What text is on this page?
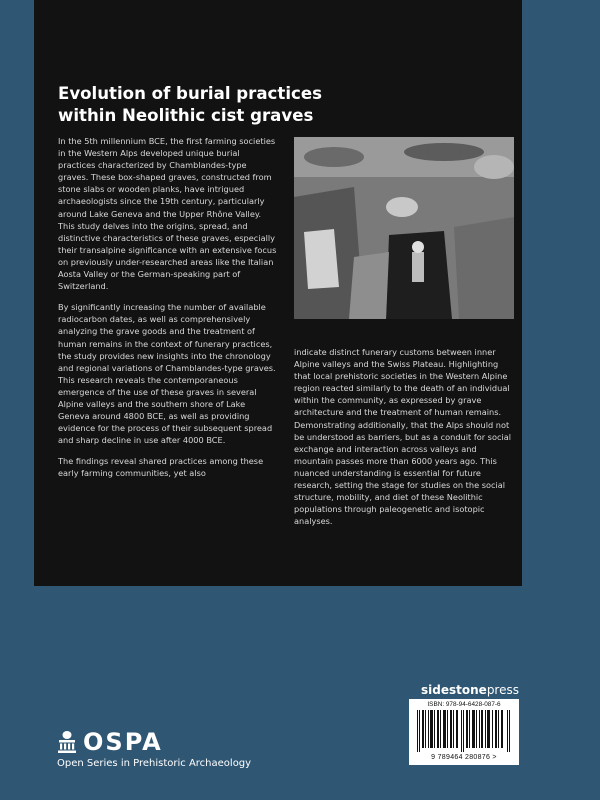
Evolution of burial practices within Neolithic cist graves

In the 5th millennium BCE, the first farming societies in the Western Alps developed unique burial practices characterized by Chamblandes-type graves. These box-shaped graves, constructed from stone slabs or wooden planks, have intrigued archaeologists since the 19th century, particularly around Lake Geneva and the Upper Rhône Valley. This study delves into the origins, spread, and distinctive characteristics of these graves, especially their transalpine significance with an extensive focus on previously under-researched areas like the Italian Aosta Valley or the German-speaking part of Switzerland.

By significantly increasing the number of available radiocarbon dates, as well as comprehensively analyzing the grave goods and the treatment of human remains in the context of funerary practices, the study provides new insights into the chronology and regional variations of Chamblandes-type graves. This research reveals the contemporaneous emergence of the use of these graves in several Alpine valleys and the southern shore of Lake Geneva around 4800 BCE, as well as providing evidence for the process of their subsequent spread and sharp decline in use after 4000 BCE.

The findings reveal shared practices among these early farming communities, yet also

indicate distinct funerary customs between inner Alpine valleys and the Swiss Plateau. Highlighting that local prehistoric societies in the Western Alpine region reacted similarly to the death of an individual within the community, as expressed by grave architecture and the treatment of human remains. Demonstrating additionally, that the Alps should not be understood as barriers, but as a conduit for social exchange and interaction across valleys and mountain passes more than 6000 years ago. This nuanced understanding is essential for future research, setting the stage for studies on the social structure, mobility, and diet of these Neolithic populations through paleogenetic and isotopic analyses.

sidestonepress
ISBN: 978-94-6428-087-6
9 789464 280876 >
OSPA
Open Series in Prehistoric Archaeology
